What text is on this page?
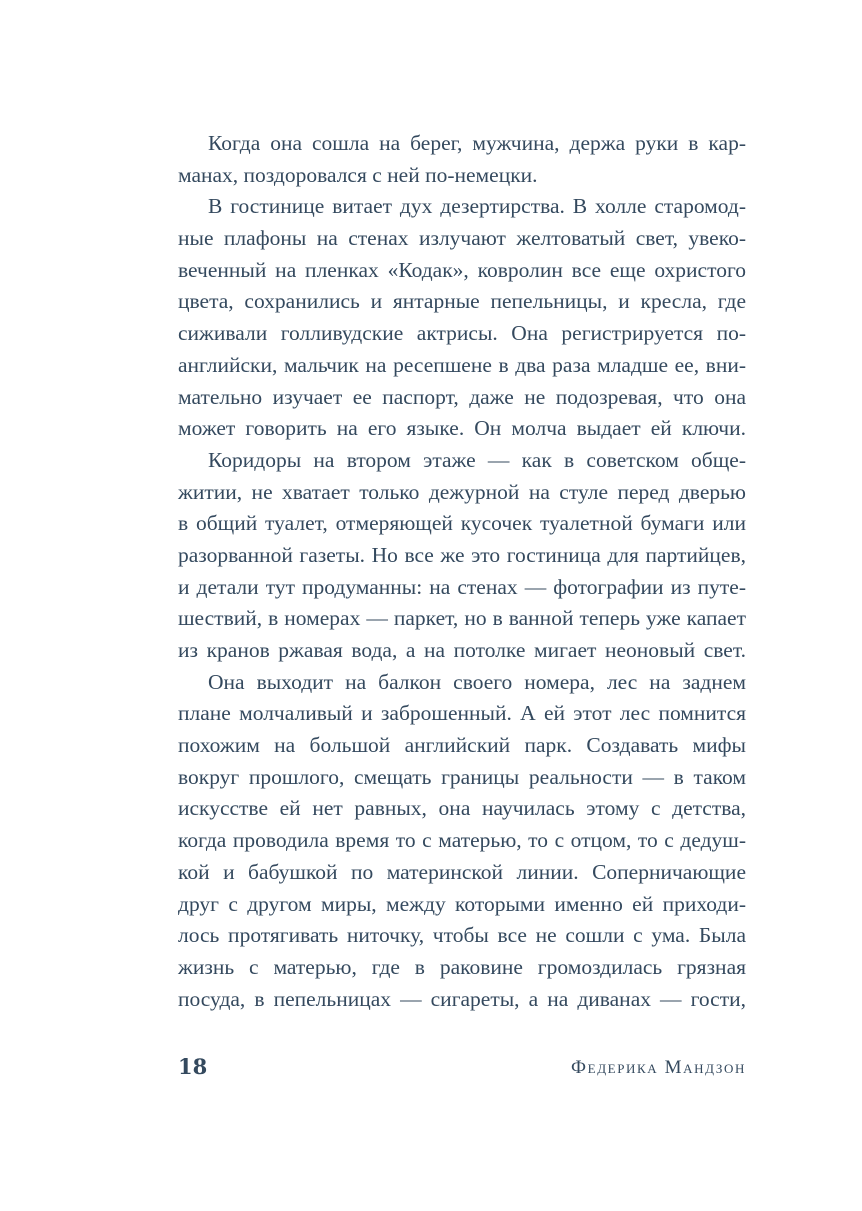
Когда она сошла на берег, мужчина, держа руки в кар-
манах, поздоровался с ней по-немецки.
В гостинице витает дух дезертирства. В холле старомод-
ные плафоны на стенах излучают желтоватый свет, увеко-
веченный на пленках «Кодак», ковролин все еще охристого
цвета, сохранились и янтарные пепельницы, и кресла, где
сиживали голливудские актрисы. Она регистрируется по-
английски, мальчик на ресепшене в два раза младше ее, вни-
мательно изучает ее паспорт, даже не подозревая, что она
может говорить на его языке. Он молча выдает ей ключи.
Коридоры на втором этаже — как в советском обще-
житии, не хватает только дежурной на стуле перед дверью
в общий туалет, отмеряющей кусочек туалетной бумаги или
разорванной газеты. Но все же это гостиница для партийцев,
и детали тут продуманны: на стенах — фотографии из путе-
шествий, в номерах — паркет, но в ванной теперь уже капает
из кранов ржавая вода, а на потолке мигает неоновый свет.
Она выходит на балкон своего номера, лес на заднем
плане молчаливый и заброшенный. А ей этот лес помнится
похожим на большой английский парк. Создавать мифы
вокруг прошлого, смещать границы реальности — в таком
искусстве ей нет равных, она научилась этому с детства,
когда проводила время то с матерью, то с отцом, то с дедуш-
кой и бабушкой по материнской линии. Соперничающие
друг с другом миры, между которыми именно ей приходи-
лось протягивать ниточку, чтобы все не сошли с ума. Была
жизнь с матерью, где в раковине громоздилась грязная
посуда, в пепельницах — сигареты, а на диванах — гости,
18	Федерика Мандзон
